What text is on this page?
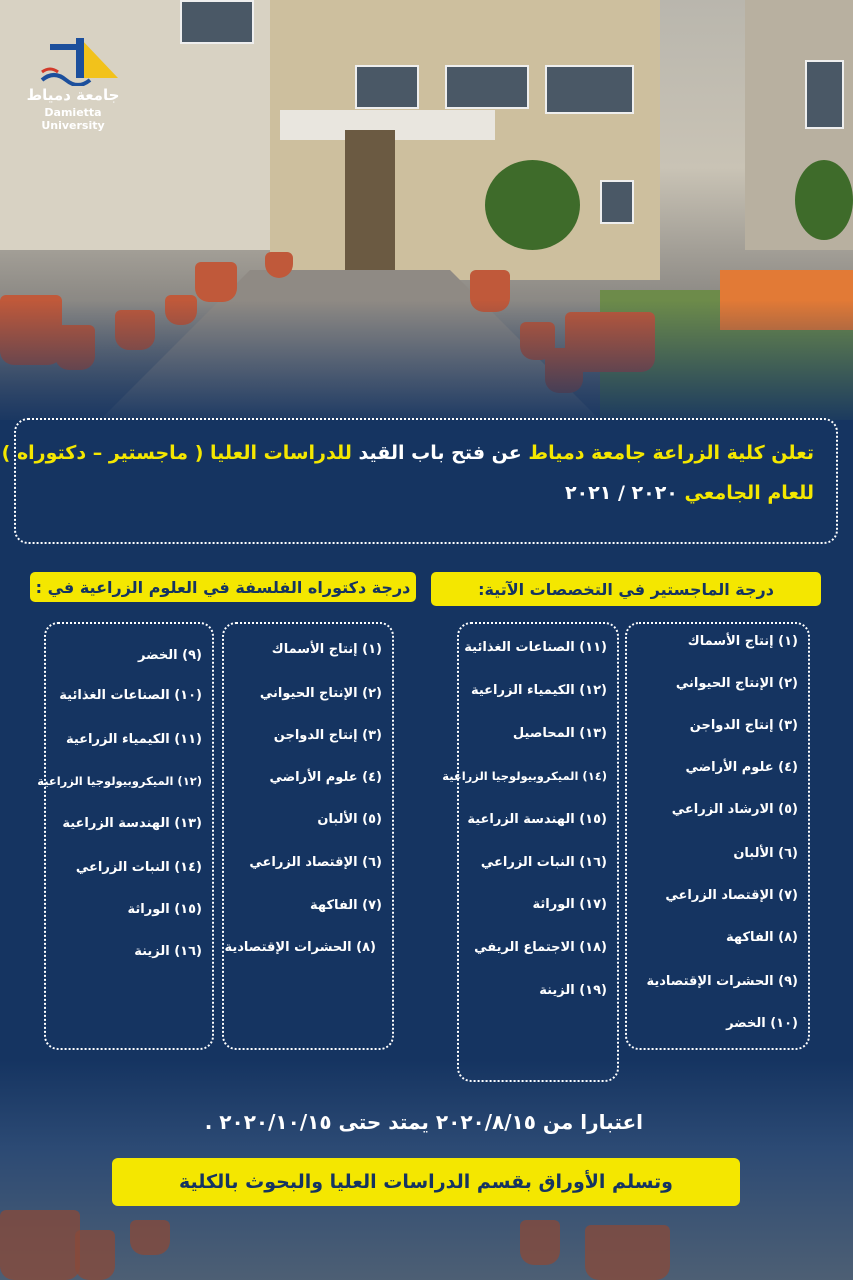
جامعة دمياط
Damietta University
تعلن كلية الزراعة جامعة دمياط عن فتح باب القيد للدراسات العليا ( ماجستير – دكتوراه )
للعام الجامعي ٢٠٢٠ / ٢٠٢١
درجة الماجستير في التخصصات الآتية:
درجة دكتوراه الفلسفة في العلوم الزراعية في :
(١) إنتاج الأسماك
(٢) الإنتاج الحيواني
(٣) إنتاج الدواجن
(٤) علوم الأراضي
(٥) الارشاد الزراعي
(٦) الألبان
(٧) الإقتصاد الزراعي
(٨) الفاكهة
(٩) الحشرات الإقتصادية
(١٠) الخضر
(١١) الصناعات الغذائية
(١٢) الكيمياء الزراعية
(١٣) المحاصيل
(١٤) الميكروبيولوجيا الزراعية
(١٥) الهندسة الزراعية
(١٦) النبات الزراعي
(١٧) الوراثة
(١٨) الاجتماع الريفي
(١٩) الزينة
(١) إنتاج الأسماك
(٢) الإنتاج الحيواني
(٣) إنتاج الدواجن
(٤) علوم الأراضي
(٥) الألبان
(٦) الإقتصاد الزراعي
(٧) الفاكهة
(٨) الحشرات الإقتصادية
(٩) الخضر
(١٠) الصناعات الغذائية
(١١) الكيمياء الزراعية
(١٢) الميكروبيولوجيا الزراعية
(١٣) الهندسة الزراعية
(١٤) النبات الزراعي
(١٥) الوراثة
(١٦) الزينة
اعتبارا من ٢٠٢٠/٨/١٥ يمتد حتى ٢٠٢٠/١٠/١٥ .
وتسلم الأوراق بقسم الدراسات العليا والبحوث بالكلية
